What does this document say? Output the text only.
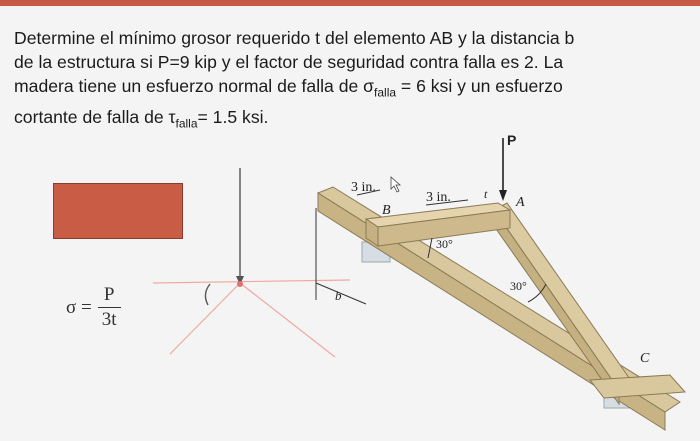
Determine el mínimo grosor requerido t del elemento AB y la distancia b
de la estructura si P=9 kip y el factor de seguridad contra falla es 2. La
madera tiene un esfuerzo normal de falla de $\sigma_{falla} = 6$ ksi y un esfuerzo
cortante de falla de $\tau_{falla}= 1.5$ ksi.
$\sigma = \frac{P}{3t}$
3 in.
3 in.
B
A
C
P
t
b
30°
30°
